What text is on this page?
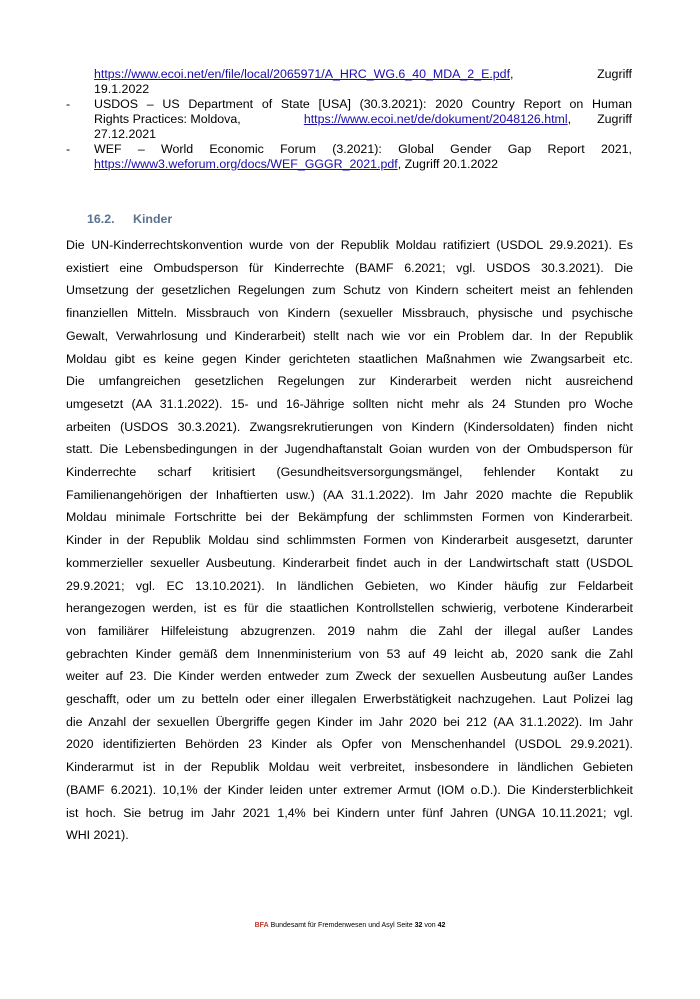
https://www.ecoi.net/en/file/local/2065971/A_HRC_WG.6_40_MDA_2_E.pdf,	Zugriff
19.1.2022
-	USDOS – US Department of State [USA] (30.3.2021): 2020 Country Report on Human
Rights Practices: Moldova,	https://www.ecoi.net/de/dokument/2048126.html, Zugriff
27.12.2021
-	WEF – World Economic Forum (3.2021): Global Gender Gap Report 2021,
https://www3.weforum.org/docs/WEF_GGGR_2021.pdf, Zugriff 20.1.2022
16.2. Kinder
Die UN-Kinderrechtskonvention wurde von der Republik Moldau ratifiziert (USDOL 29.9.2021). Es
existiert eine Ombudsperson für Kinderrechte (BAMF 6.2021; vgl. USDOS 30.3.2021). Die
Umsetzung der gesetzlichen Regelungen zum Schutz von Kindern scheitert meist an fehlenden
finanziellen Mitteln. Missbrauch von Kindern (sexueller Missbrauch, physische und psychische
Gewalt, Verwahrlosung und Kinderarbeit) stellt nach wie vor ein Problem dar. In der Republik
Moldau gibt es keine gegen Kinder gerichteten staatlichen Maßnahmen wie Zwangsarbeit etc.
Die umfangreichen gesetzlichen Regelungen zur Kinderarbeit werden nicht ausreichend
umgesetzt (AA 31.1.2022). 15- und 16-Jährige sollten nicht mehr als 24 Stunden pro Woche
arbeiten (USDOS 30.3.2021). Zwangsrekrutierungen von Kindern (Kindersoldaten) finden nicht
statt. Die Lebensbedingungen in der Jugendhaftanstalt Goian wurden von der Ombudsperson für
Kinderrechte scharf kritisiert (Gesundheitsversorgungsmängel, fehlender Kontakt zu
Familienangehörigen der Inhaftierten usw.) (AA 31.1.2022). Im Jahr 2020 machte die Republik
Moldau minimale Fortschritte bei der Bekämpfung der schlimmsten Formen von Kinderarbeit.
Kinder in der Republik Moldau sind schlimmsten Formen von Kinderarbeit ausgesetzt, darunter
kommerzieller sexueller Ausbeutung. Kinderarbeit findet auch in der Landwirtschaft statt (USDOL
29.9.2021; vgl. EC 13.10.2021). In ländlichen Gebieten, wo Kinder häufig zur Feldarbeit
herangezogen werden, ist es für die staatlichen Kontrollstellen schwierig, verbotene Kinderarbeit
von familiärer Hilfeleistung abzugrenzen. 2019 nahm die Zahl der illegal außer Landes
gebrachten Kinder gemäß dem Innenministerium von 53 auf 49 leicht ab, 2020 sank die Zahl
weiter auf 23. Die Kinder werden entweder zum Zweck der sexuellen Ausbeutung außer Landes
geschafft, oder um zu betteln oder einer illegalen Erwerbstätigkeit nachzugehen. Laut Polizei lag
die Anzahl der sexuellen Übergriffe gegen Kinder im Jahr 2020 bei 212 (AA 31.1.2022). Im Jahr
2020 identifizierten Behörden 23 Kinder als Opfer von Menschenhandel (USDOL 29.9.2021).
Kinderarmut ist in der Republik Moldau weit verbreitet, insbesondere in ländlichen Gebieten
(BAMF 6.2021). 10,1% der Kinder leiden unter extremer Armut (IOM o.D.). Die Kindersterblichkeit
ist hoch. Sie betrug im Jahr 2021 1,4% bei Kindern unter fünf Jahren (UNGA 10.11.2021; vgl.
WHI 2021).
BFA Bundesamt für Fremdenwesen und Asyl Seite 32 von 42
